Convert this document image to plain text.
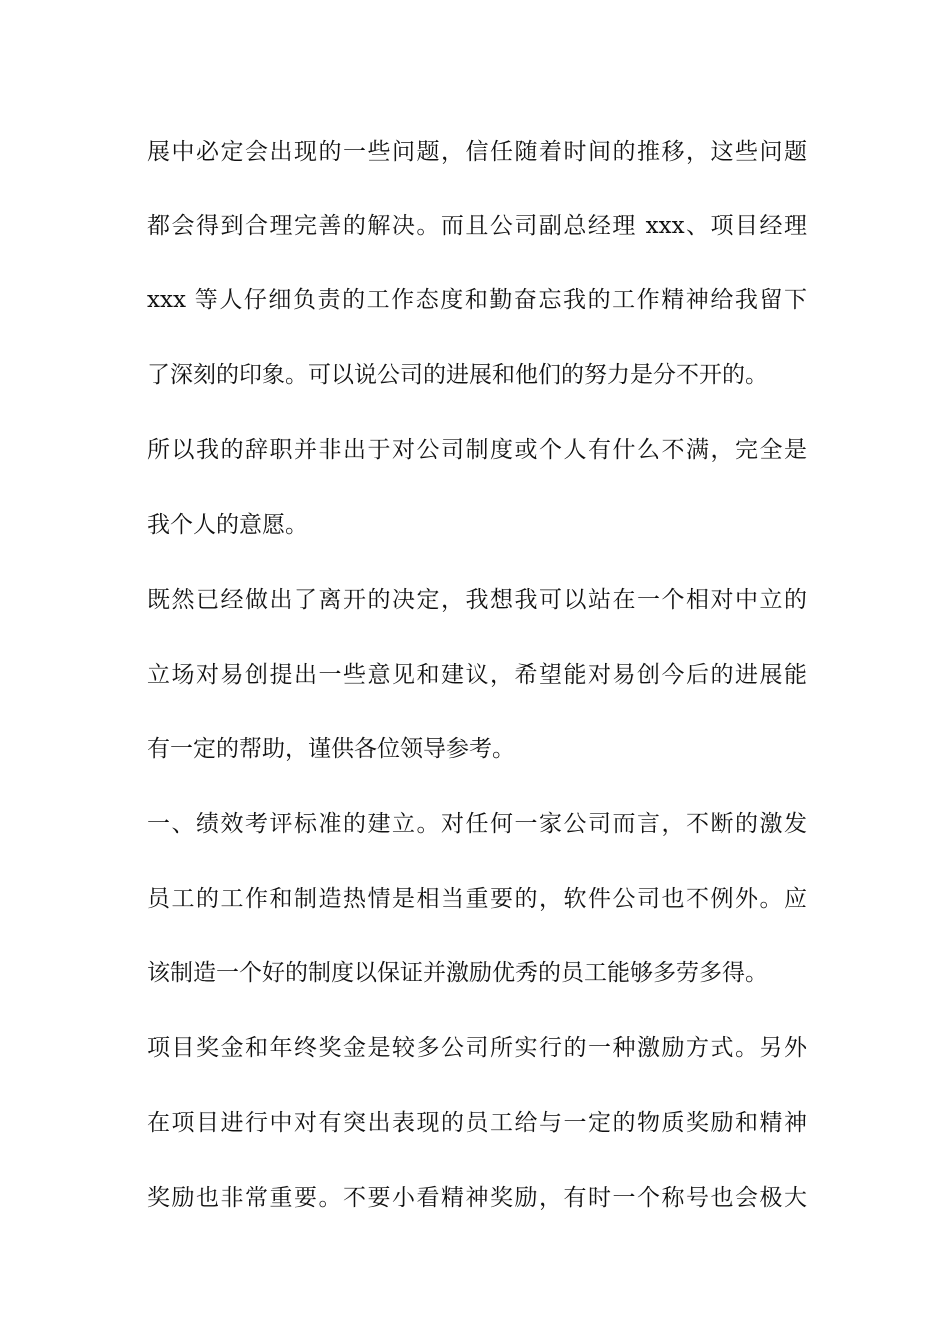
展中必定会出现的一些问题，信任随着时间的推移，这些问题
都会得到合理完善的解决。而且公司副总经理 xxx、项目经理
xxx 等人仔细负责的工作态度和勤奋忘我的工作精神给我留下
了深刻的印象。可以说公司的进展和他们的努力是分不开的。
所以我的辞职并非出于对公司制度或个人有什么不满，完全是
我个人的意愿。
既然已经做出了离开的决定，我想我可以站在一个相对中立的
立场对易创提出一些意见和建议，希望能对易创今后的进展能
有一定的帮助，谨供各位领导参考。
一、绩效考评标准的建立。对任何一家公司而言，不断的激发
员工的工作和制造热情是相当重要的，软件公司也不例外。应
该制造一个好的制度以保证并激励优秀的员工能够多劳多得。
项目奖金和年终奖金是较多公司所实行的一种激励方式。另外
在项目进行中对有突出表现的员工给与一定的物质奖励和精神
奖励也非常重要。不要小看精神奖励，有时一个称号也会极大
